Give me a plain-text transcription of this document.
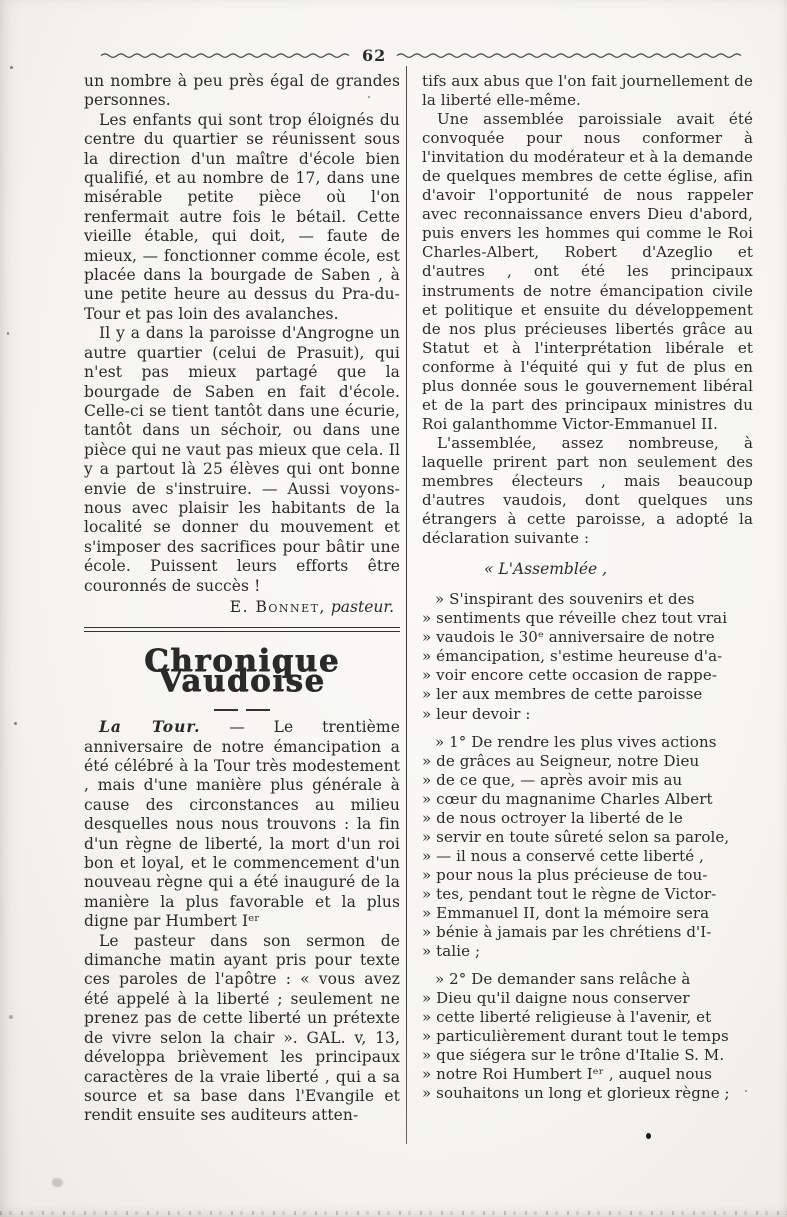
62

un nombre à peu près égal de grandes personnes.

Les enfants qui sont trop éloignés du centre du quartier se réunissent sous la direction d'un maître d'école bien qualifié, et au nombre de 17, dans une misérable petite pièce où l'on renfermait autre fois le bétail. Cette vieille étable, qui doit, — faute de mieux, — fonctionner comme école, est placée dans la bourgade de Saben , à une petite heure au dessus du Pra-du-Tour et pas loin des avalanches.

Il y a dans la paroisse d'Angrogne un autre quartier (celui de Prasuit), qui n'est pas mieux partagé que la bourgade de Saben en fait d'école. Celle-ci se tient tantôt dans une écurie, tantôt dans un séchoir, ou dans une pièce qui ne vaut pas mieux que cela. Il y a partout là 25 élèves qui ont bonne envie de s'instruire. — Aussi voyons-nous avec plaisir les habitants de la localité se donner du mouvement et s'imposer des sacrifices pour bâtir une école. Puissent leurs efforts être couronnés de succès !

E. Bonnet, pasteur.

Chronique Vaudoise

La Tour. — Le trentième anniversaire de notre émancipation a été célébré à la Tour très modestement , mais d'une manière plus générale à cause des circonstances au milieu desquelles nous nous trouvons : la fin d'un règne de liberté, la mort d'un roi bon et loyal, et le commencement d'un nouveau règne qui a été inauguré de la manière la plus favorable et la plus digne par Humbert Iᵉʳ

Le pasteur dans son sermon de dimanche matin ayant pris pour texte ces paroles de l'apôtre : « vous avez été appelé à la liberté ; seulement ne prenez pas de cette liberté un prétexte de vivre selon la chair ». GAL. v, 13, développa brièvement les principaux caractères de la vraie liberté , qui a sa source et sa base dans l'Evangile et rendit ensuite ses auditeurs atten-

tifs aux abus que l'on fait journellement de la liberté elle-même.

Une assemblée paroissiale avait été convoquée pour nous conformer à l'invitation du modérateur et à la demande de quelques membres de cette église, afin d'avoir l'opportunité de nous rappeler avec reconnaissance envers Dieu d'abord, puis envers les hommes qui comme le Roi Charles-Albert, Robert d'Azeglio et d'autres , ont été les principaux instruments de notre émancipation civile et politique et ensuite du développement de nos plus précieuses libertés grâce au Statut et à l'interprétation libérale et conforme à l'équité qui y fut de plus en plus donnée sous le gouvernement libéral et de la part des principaux ministres du Roi galanthomme Victor-Emmanuel II.

L'assemblée, assez nombreuse, à laquelle prirent part non seulement des membres électeurs , mais beaucoup d'autres vaudois, dont quelques uns étrangers à cette paroisse, a adopté la déclaration suivante :

« L'Assemblée ,

» S'inspirant des souvenirs et des
» sentiments que réveille chez tout vrai
» vaudois le 30ᵉ anniversaire de notre
» émancipation, s'estime heureuse d'a-
» voir encore cette occasion de rappe-
» ler aux membres de cette paroisse
» leur devoir :
» 1° De rendre les plus vives actions
» de grâces au Seigneur, notre Dieu
» de ce que, — après avoir mis au
» cœur du magnanime Charles Albert
» de nous octroyer la liberté de le
» servir en toute sûreté selon sa parole,
» — il nous a conservé cette liberté ,
» pour nous la plus précieuse de tou-
» tes, pendant tout le règne de Victor-
» Emmanuel II, dont la mémoire sera
» bénie à jamais par les chrétiens d'I-
» talie ;
» 2° De demander sans relâche à
» Dieu qu'il daigne nous conserver
» cette liberté religieuse à l'avenir, et
» particulièrement durant tout le temps
» que siégera sur le trône d'Italie S. M.
» notre Roi Humbert Iᵉʳ , auquel nous
» souhaitons un long et glorieux règne ;
